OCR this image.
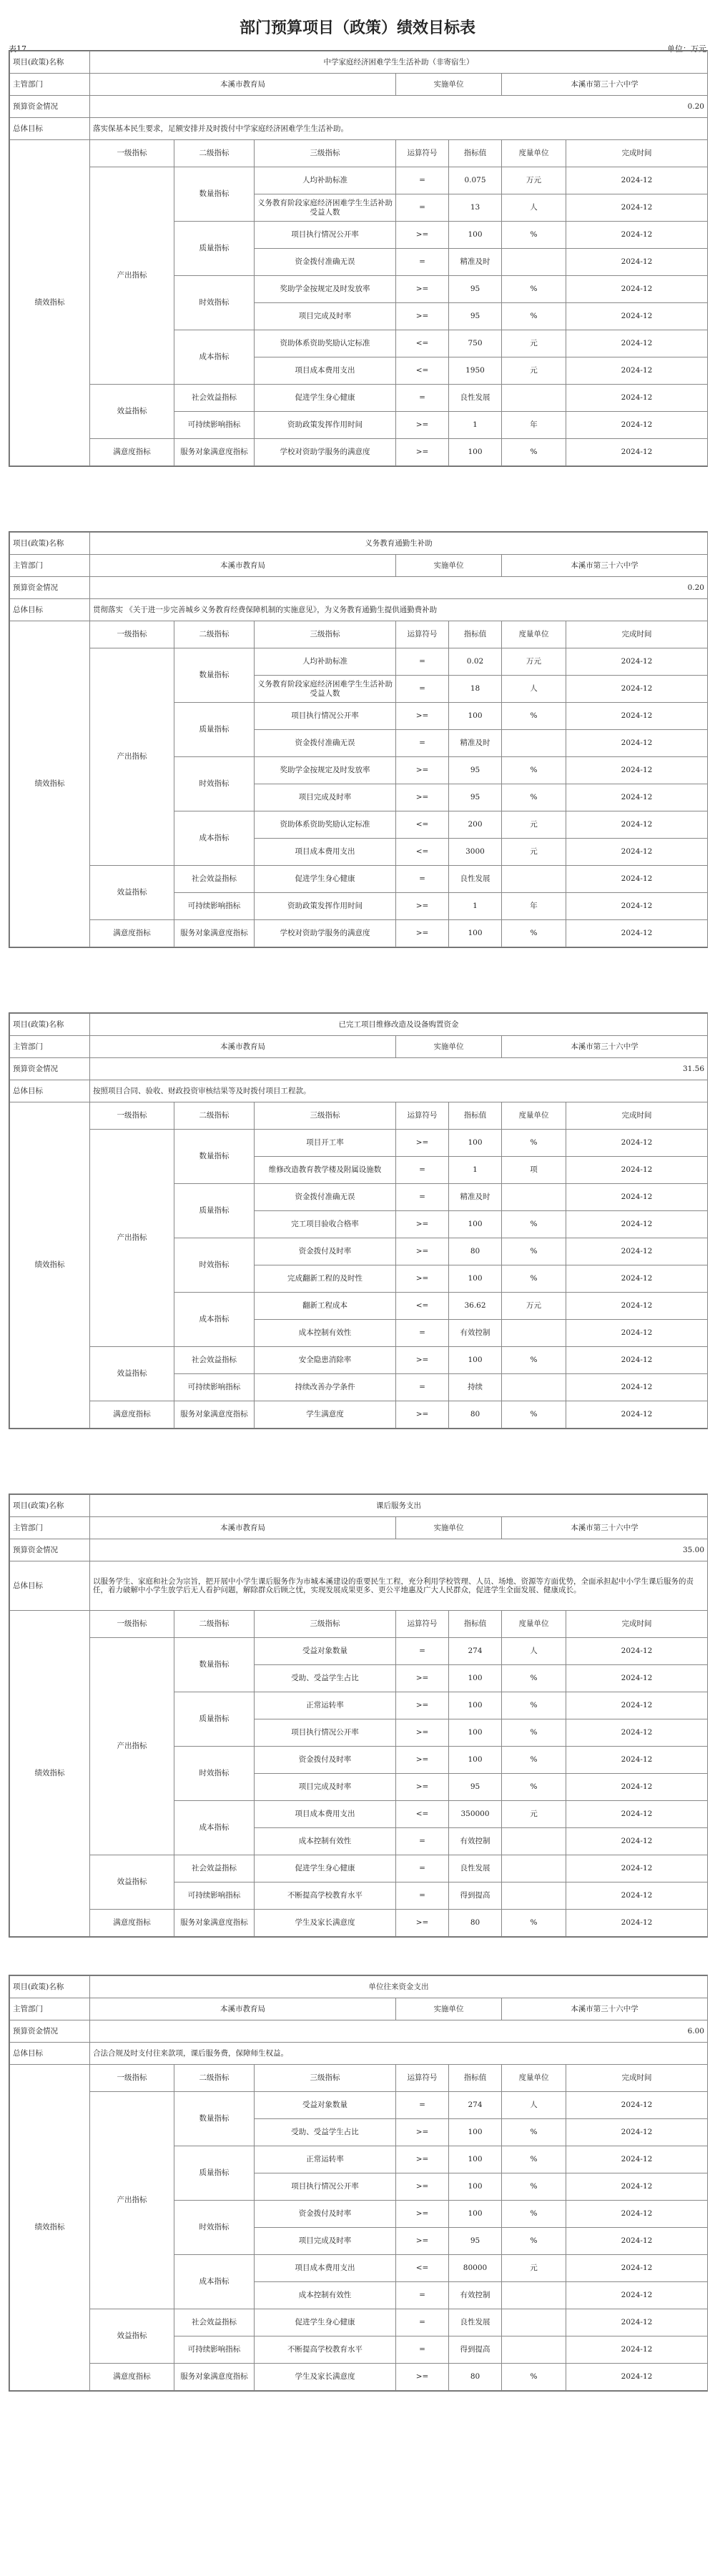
部门预算项目（政策）绩效目标表
表17	单位：万元
项目(政策)名称	中学家庭经济困难学生生活补助（非寄宿生）						
主管部门	本溪市教育局			实施单位		本溪市第三十六中学	
预算资金情况	0.20						
总体目标	落实保基本民生要求，足额安排并及时拨付中学家庭经济困难学生生活补助。						
绩效指标	一级指标	二级指标	三级指标	运算符号	指标值	度量单位	完成时间
	产出指标	数量指标	人均补助标准	=	0.075	万元	2024-12
			义务教育阶段家庭经济困难学生生活补助受益人数	=	13	人	2024-12
		质量指标	项目执行情况公开率	>=	100	%	2024-12
			资金拨付准确无误	=	精准及时		2024-12
		时效指标	奖助学金按规定及时发放率	>=	95	%	2024-12
			项目完成及时率	>=	95	%	2024-12
		成本指标	资助体系资助奖励认定标准	<=	750	元	2024-12
			项目成本费用支出	<=	1950	元	2024-12
	效益指标	社会效益指标	促进学生身心健康	=	良性发展		2024-12
		可持续影响指标	资助政策发挥作用时间	>=	1	年	2024-12
	满意度指标	服务对象满意度指标	学校对资助学服务的满意度	>=	100	%	2024-12
项目(政策)名称	义务教育通勤生补助						
主管部门	本溪市教育局			实施单位		本溪市第三十六中学	
预算资金情况	0.20						
总体目标	贯彻落实 《关于进一步完善城乡义务教育经费保障机制的实施意见》，为义务教育通勤生提供通勤费补助						
绩效指标	一级指标	二级指标	三级指标	运算符号	指标值	度量单位	完成时间
	产出指标	数量指标	人均补助标准	=	0.02	万元	2024-12
			义务教育阶段家庭经济困难学生生活补助受益人数	=	18	人	2024-12
		质量指标	项目执行情况公开率	>=	100	%	2024-12
			资金拨付准确无误	=	精准及时		2024-12
		时效指标	奖助学金按规定及时发放率	>=	95	%	2024-12
			项目完成及时率	>=	95	%	2024-12
		成本指标	资助体系资助奖励认定标准	<=	200	元	2024-12
			项目成本费用支出	<=	3000	元	2024-12
	效益指标	社会效益指标	促进学生身心健康	=	良性发展		2024-12
		可持续影响指标	资助政策发挥作用时间	>=	1	年	2024-12
	满意度指标	服务对象满意度指标	学校对资助学服务的满意度	>=	100	%	2024-12
项目(政策)名称	已完工项目维修改造及设备购置资金						
主管部门	本溪市教育局			实施单位		本溪市第三十六中学	
预算资金情况	31.56						
总体目标	按照项目合同、验收、财政投资审核结果等及时拨付项目工程款。						
绩效指标	一级指标	二级指标	三级指标	运算符号	指标值	度量单位	完成时间
	产出指标	数量指标	项目开工率	>=	100	%	2024-12
			维修改造教育教学楼及附属设施数	=	1	项	2024-12
		质量指标	资金拨付准确无误	=	精准及时		2024-12
			完工项目验收合格率	>=	100	%	2024-12
		时效指标	资金拨付及时率	>=	80	%	2024-12
			完成翻新工程的及时性	>=	100	%	2024-12
		成本指标	翻新工程成本	<=	36.62	万元	2024-12
			成本控制有效性	=	有效控制		2024-12
	效益指标	社会效益指标	安全隐患消除率	>=	100	%	2024-12
		可持续影响指标	持续改善办学条件	=	持续		2024-12
	满意度指标	服务对象满意度指标	学生满意度	>=	80	%	2024-12
项目(政策)名称	课后服务支出						
主管部门	本溪市教育局			实施单位		本溪市第三十六中学	
预算资金情况	35.00						
总体目标	以服务学生、家庭和社会为宗旨，把开展中小学生课后服务作为市城本溪建设的重要民生工程，充分利用学校管理、人员、场地、资源等方面优势，全面承担起中小学生课后服务的责任，着力破解中小学生放学后无人看护问题，解除群众后顾之忧，实现发展成果更多、更公平地惠及广大人民群众，促进学生全面发展、健康成长。						
绩效指标	一级指标	二级指标	三级指标	运算符号	指标值	度量单位	完成时间
	产出指标	数量指标	受益对象数量	=	274	人	2024-12
			受助、受益学生占比	>=	100	%	2024-12
		质量指标	正常运转率	>=	100	%	2024-12
			项目执行情况公开率	>=	100	%	2024-12
		时效指标	资金拨付及时率	>=	100	%	2024-12
			项目完成及时率	>=	95	%	2024-12
		成本指标	项目成本费用支出	<=	350000	元	2024-12
			成本控制有效性	=	有效控制		2024-12
	效益指标	社会效益指标	促进学生身心健康	=	良性发展		2024-12
		可持续影响指标	不断提高学校教育水平	=	得到提高		2024-12
	满意度指标	服务对象满意度指标	学生及家长满意度	>=	80	%	2024-12
项目(政策)名称	单位往来资金支出						
主管部门	本溪市教育局			实施单位		本溪市第三十六中学	
预算资金情况	6.00						
总体目标	合法合规及时支付往来款项，课后服务费，保障师生权益。						
绩效指标	一级指标	二级指标	三级指标	运算符号	指标值	度量单位	完成时间
	产出指标	数量指标	受益对象数量	=	274	人	2024-12
			受助、受益学生占比	>=	100	%	2024-12
		质量指标	正常运转率	>=	100	%	2024-12
			项目执行情况公开率	>=	100	%	2024-12
		时效指标	资金拨付及时率	>=	100	%	2024-12
			项目完成及时率	>=	95	%	2024-12
		成本指标	项目成本费用支出	<=	80000	元	2024-12
			成本控制有效性	=	有效控制		2024-12
	效益指标	社会效益指标	促进学生身心健康	=	良性发展		2024-12
		可持续影响指标	不断提高学校教育水平	=	得到提高		2024-12
	满意度指标	服务对象满意度指标	学生及家长满意度	>=	80	%	2024-12
